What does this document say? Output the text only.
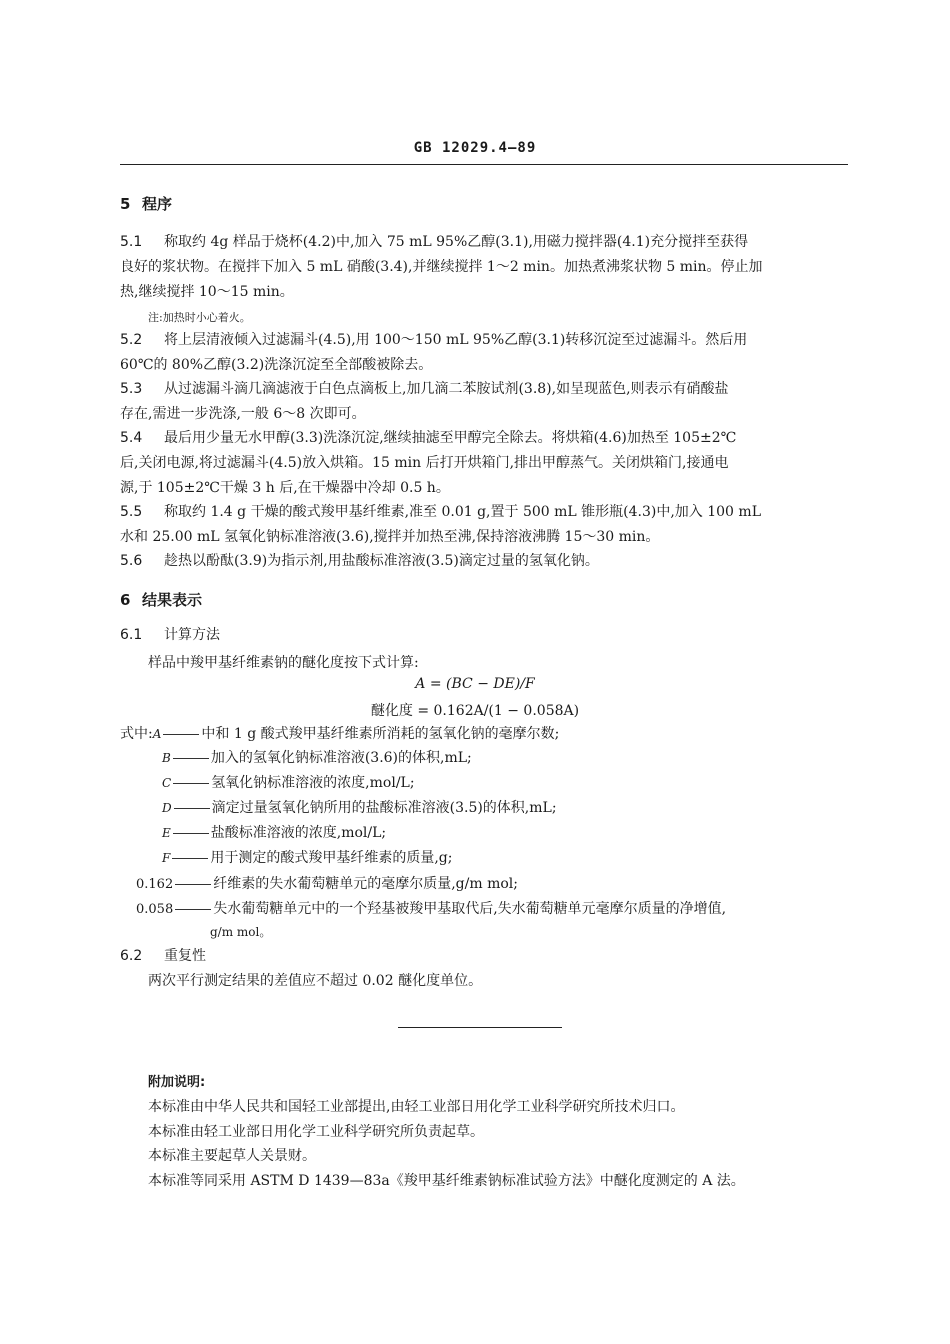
GB 12029.4—89
5 程序
5.1 称取约 4g 样品于烧杯(4.2)中,加入 75 mL 95%乙醇(3.1),用磁力搅拌器(4.1)充分搅拌至获得
良好的浆状物。在搅拌下加入 5 mL 硝酸(3.4),并继续搅拌 1～2 min。加热煮沸浆状物 5 min。停止加
热,继续搅拌 10～15 min。
注:加热时小心着火。
5.2 将上层清液倾入过滤漏斗(4.5),用 100～150 mL 95%乙醇(3.1)转移沉淀至过滤漏斗。然后用
60℃的 80%乙醇(3.2)洗涤沉淀至全部酸被除去。
5.3 从过滤漏斗滴几滴滤液于白色点滴板上,加几滴二苯胺试剂(3.8),如呈现蓝色,则表示有硝酸盐
存在,需进一步洗涤,一般 6～8 次即可。
5.4 最后用少量无水甲醇(3.3)洗涤沉淀,继续抽滤至甲醇完全除去。将烘箱(4.6)加热至 105±2℃
后,关闭电源,将过滤漏斗(4.5)放入烘箱。15 min 后打开烘箱门,排出甲醇蒸气。关闭烘箱门,接通电
源,于 105±2℃干燥 3 h 后,在干燥器中冷却 0.5 h。
5.5 称取约 1.4 g 干燥的酸式羧甲基纤维素,准至 0.01 g,置于 500 mL 锥形瓶(4.3)中,加入 100 mL
水和 25.00 mL 氢氧化钠标准溶液(3.6),搅拌并加热至沸,保持溶液沸腾 15～30 min。
5.6 趁热以酚酞(3.9)为指示剂,用盐酸标准溶液(3.5)滴定过量的氢氧化钠。
6 结果表示
6.1 计算方法
样品中羧甲基纤维素钠的醚化度按下式计算:
A = (BC − DE)/F
醚化度 = 0.162A/(1 − 0.058A)
式中:A	中和 1 g 酸式羧甲基纤维素所消耗的氢氧化钠的毫摩尔数;
B	加入的氢氧化钠标准溶液(3.6)的体积,mL;
C	氢氧化钠标准溶液的浓度,mol/L;
D	滴定过量氢氧化钠所用的盐酸标准溶液(3.5)的体积,mL;
E	盐酸标准溶液的浓度,mol/L;
F	用于测定的酸式羧甲基纤维素的质量,g;
0.162	纤维素的失水葡萄糖单元的毫摩尔质量,g/m mol;
0.058	失水葡萄糖单元中的一个羟基被羧甲基取代后,失水葡萄糖单元毫摩尔质量的净增值,
g/m mol。
6.2 重复性
两次平行测定结果的差值应不超过 0.02 醚化度单位。
附加说明:
本标准由中华人民共和国轻工业部提出,由轻工业部日用化学工业科学研究所技术归口。
本标准由轻工业部日用化学工业科学研究所负责起草。
本标准主要起草人关景财。
本标准等同采用 ASTM D 1439—83a《羧甲基纤维素钠标准试验方法》中醚化度测定的 A 法。
